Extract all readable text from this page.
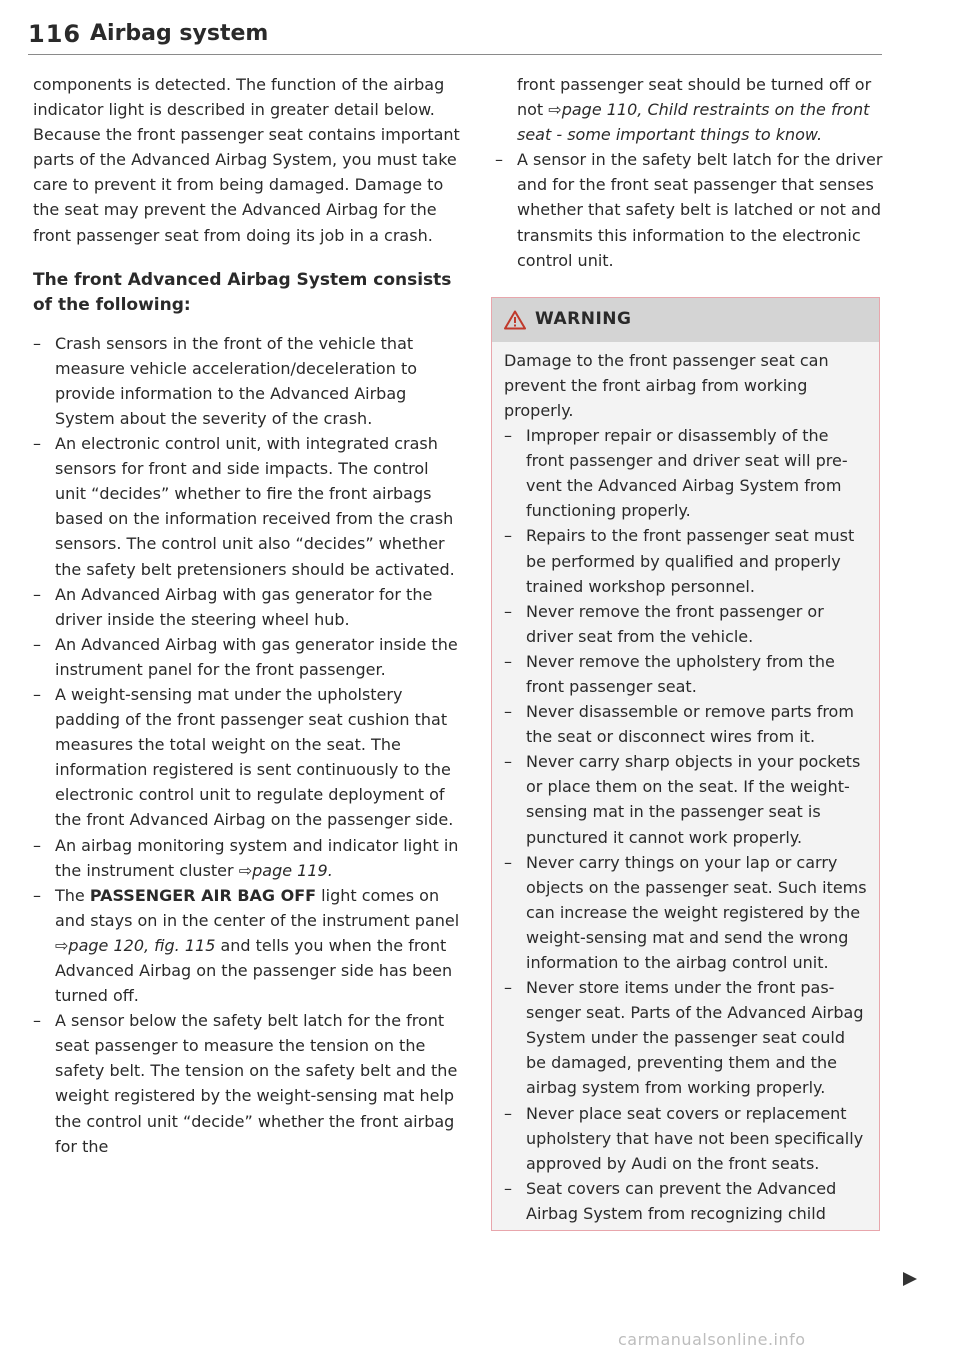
116 Airbag system

components is detected. The function of the airbag indicator light is described in greater detail below. Because the front passenger seat contains important parts of the Advanced Airbag System, you must take care to prevent it from being damaged. Damage to the seat may prevent the Advanced Airbag for the front passenger seat from doing its job in a crash.

The front Advanced Airbag System consists of the following:

– Crash sensors in the front of the vehicle that measure vehicle acceleration/deceleration to provide information to the Advanced Airbag System about the severity of the crash.
– An electronic control unit, with integrated crash sensors for front and side impacts. The control unit “decides” whether to fire the front airbags based on the information received from the crash sensors. The control unit also “decides” whether the safety belt pretensioners should be activated.
– An Advanced Airbag with gas generator for the driver inside the steering wheel hub.
– An Advanced Airbag with gas generator inside the instrument panel for the front passenger.
– A weight-sensing mat under the upholstery padding of the front passenger seat cushion that measures the total weight on the seat. The information registered is sent continuously to the electronic control unit to regulate deployment of the front Advanced Airbag on the passenger side.
– An airbag monitoring system and indicator light in the instrument cluster ⇨page 119.
– The PASSENGER AIR BAG OFF light comes on and stays on in the center of the instrument panel ⇨page 120, fig. 115 and tells you when the front Advanced Airbag on the passenger side has been turned off.
– A sensor below the safety belt latch for the front seat passenger to measure the tension on the safety belt. The tension on the safety belt and the weight registered by the weight-sensing mat help the control unit “decide” whether the front airbag for the

front passenger seat should be turned off or not ⇨page 110, Child restraints on the front seat - some important things to know.

– A sensor in the safety belt latch for the driver and for the front seat passenger that senses whether that safety belt is latched or not and transmits this information to the electronic control unit.
WARNING

Damage to the front passenger seat can prevent the front airbag from working properly.

– Improper repair or disassembly of the front passenger and driver seat will prevent the Advanced Airbag System from functioning properly.
– Repairs to the front passenger seat must be performed by qualified and properly trained workshop personnel.
– Never remove the front passenger or driver seat from the vehicle.
– Never remove the upholstery from the front passenger seat.
– Never disassemble or remove parts from the seat or disconnect wires from it.
– Never carry sharp objects in your pockets or place them on the seat. If the weight-sensing mat in the passenger seat is punctured it cannot work properly.
– Never carry things on your lap or carry objects on the passenger seat. Such items can increase the weight registered by the weight-sensing mat and send the wrong information to the airbag control unit.
– Never store items under the front passenger seat. Parts of the Advanced Airbag System under the passenger seat could be damaged, preventing them and the airbag system from working properly.
– Never place seat covers or replacement upholstery that have not been specifically approved by Audi on the front seats.
– Seat covers can prevent the Advanced Airbag System from recognizing child
carmanualsonline.info
